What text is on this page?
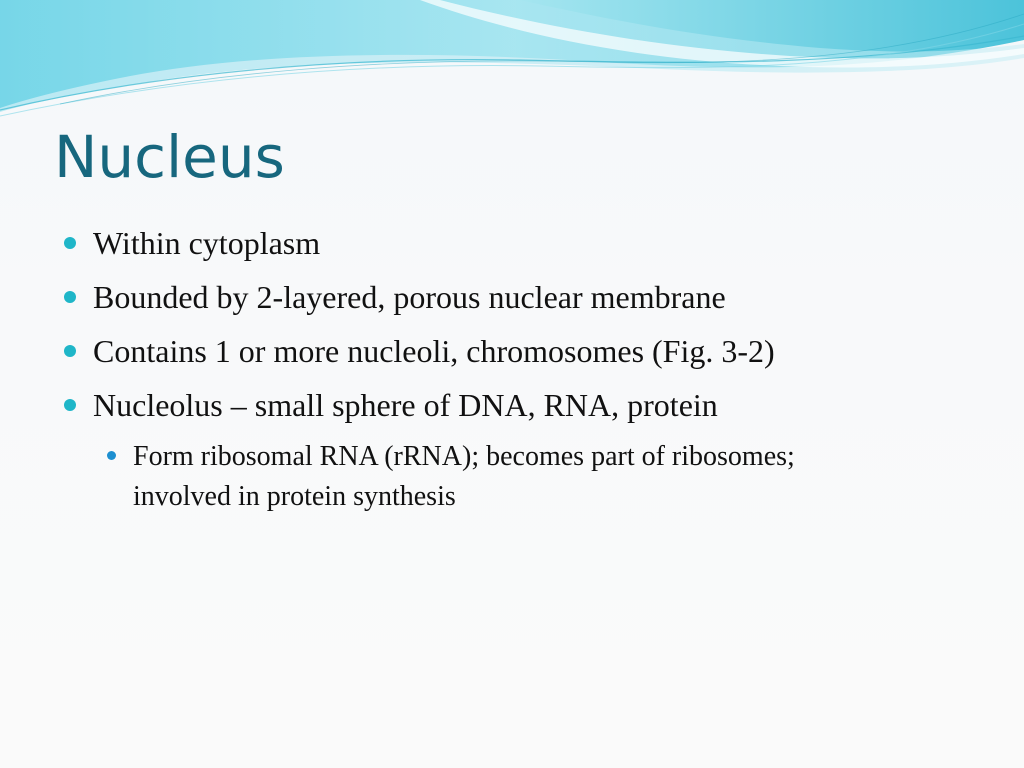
Nucleus
Within cytoplasm
Bounded by 2-layered, porous nuclear membrane
Contains 1 or more nucleoli, chromosomes (Fig. 3-2)
Nucleolus – small sphere of DNA, RNA, protein
Form ribosomal RNA (rRNA); becomes part of ribosomes; involved in protein synthesis
